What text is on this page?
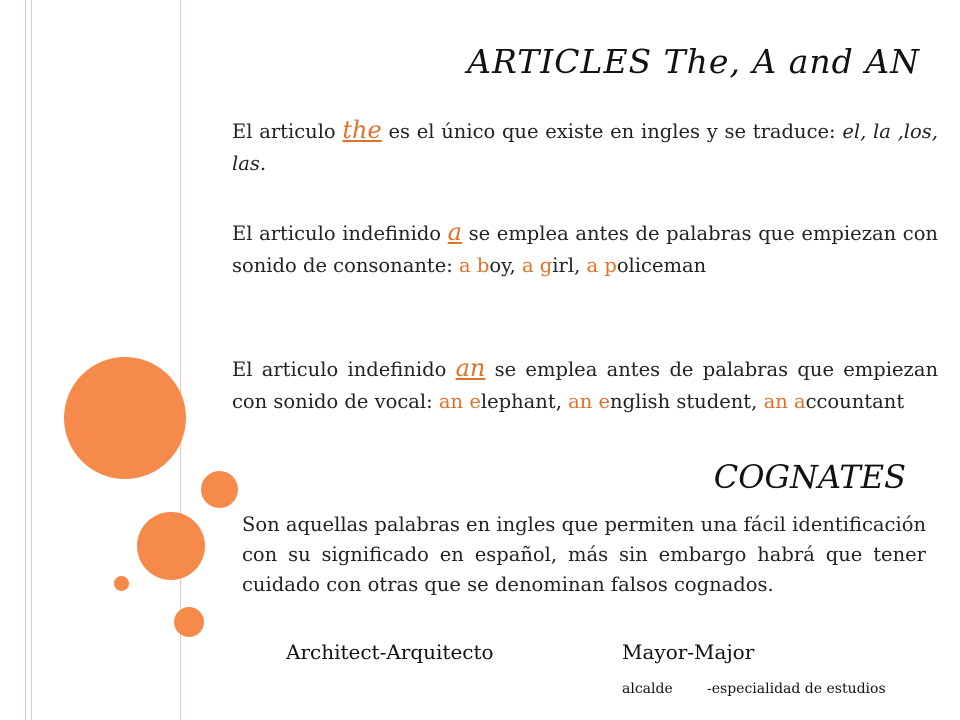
ARTICLES The, A and AN
El articulo the es el único que existe en ingles y se traduce: el, la ,los, las.
El articulo indefinido a se emplea antes de palabras que empiezan con sonido de consonante: a boy, a girl, a policeman
El articulo indefinido an se emplea antes de palabras que empiezan con sonido de vocal: an elephant, an english student, an accountant
COGNATES
Son aquellas palabras en ingles que permiten una fácil identificación con su significado en español, más sin embargo habrá que tener cuidado con otras que se denominan falsos cognados.
Architect-Arquitecto	Mayor-Major
alcalde -especialidad de estudios
